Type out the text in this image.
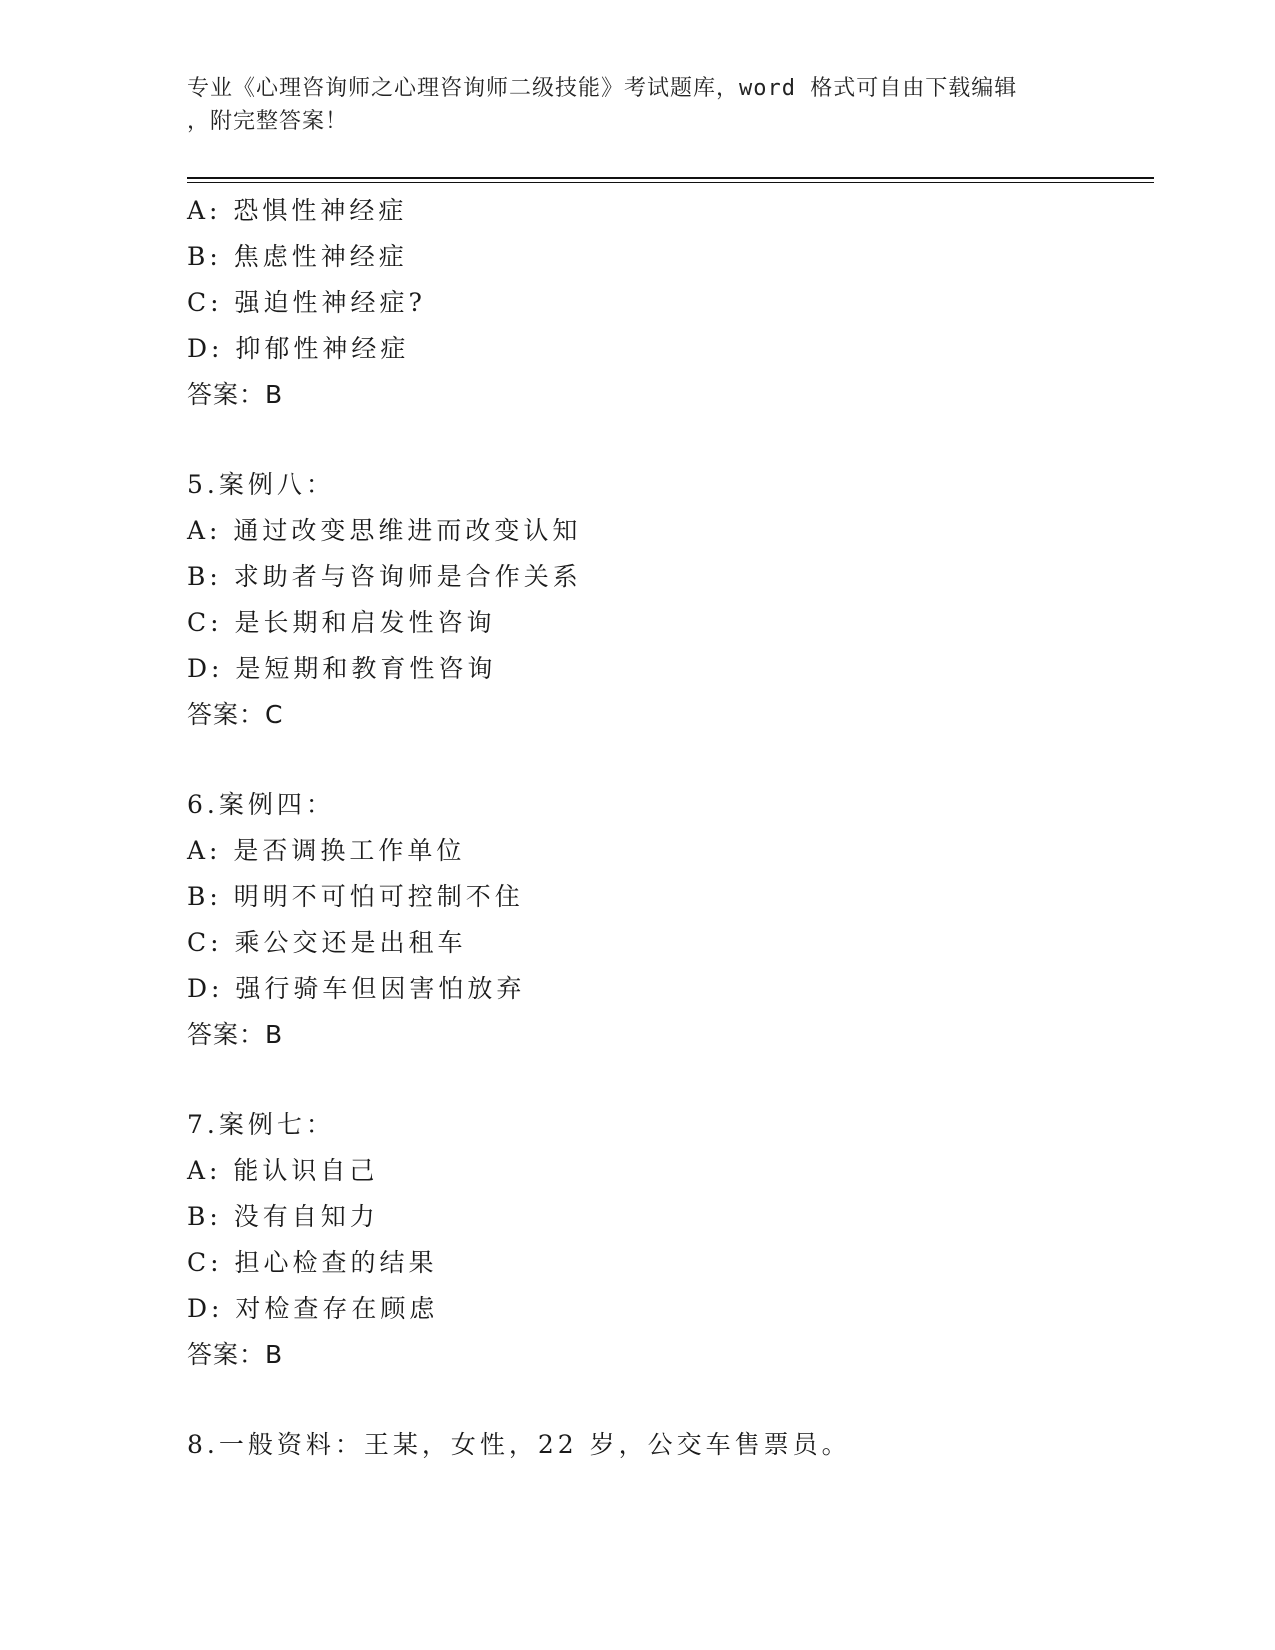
专业《心理咨询师之心理咨询师二级技能》考试题库，word 格式可自由下载编辑
，附完整答案！
A: 恐惧性神经症
B: 焦虑性神经症
C: 强迫性神经症?
D: 抑郁性神经症
答案：B
5.案例八：
A: 通过改变思维进而改变认知
B: 求助者与咨询师是合作关系
C: 是长期和启发性咨询
D: 是短期和教育性咨询
答案：C
6.案例四：
A: 是否调换工作单位
B: 明明不可怕可控制不住
C: 乘公交还是出租车
D: 强行骑车但因害怕放弃
答案：B
7.案例七：
A: 能认识自己
B: 没有自知力
C: 担心检查的结果
D: 对检查存在顾虑
答案：B
8.一般资料：王某，女性，22 岁，公交车售票员。
